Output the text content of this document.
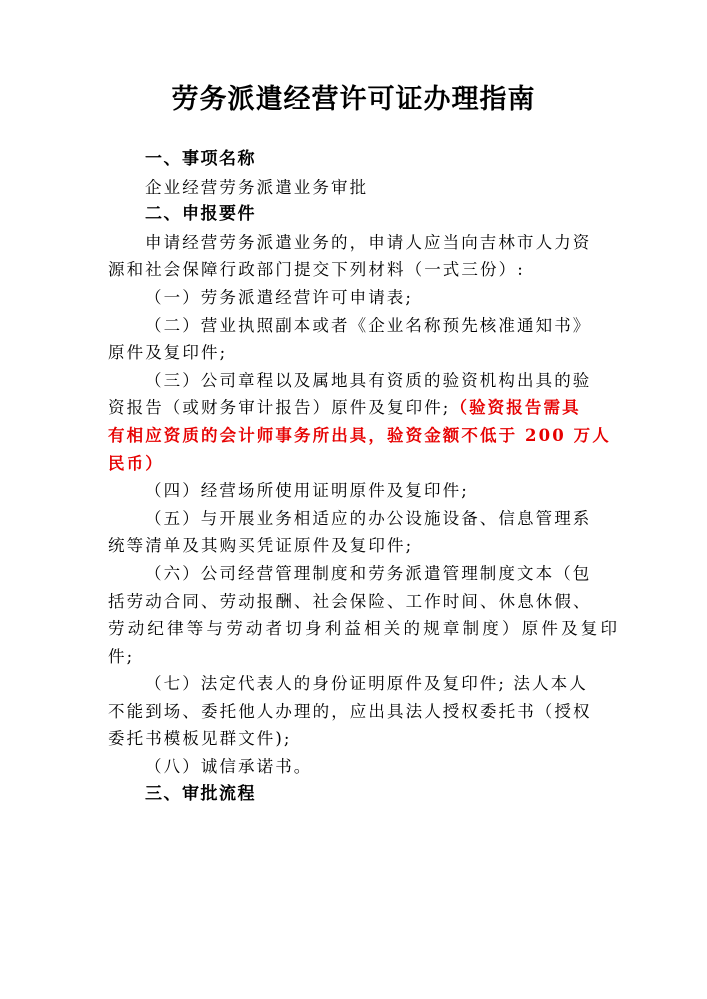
劳务派遣经营许可证办理指南
一、事项名称
企业经营劳务派遣业务审批
二、申报要件
申请经营劳务派遣业务的，申请人应当向吉林市人力资
源和社会保障行政部门提交下列材料（一式三份）:
（一）劳务派遣经营许可申请表;
（二）营业执照副本或者《企业名称预先核准通知书》
原件及复印件;
（三）公司章程以及属地具有资质的验资机构出具的验
资报告（或财务审计报告）原件及复印件;（验资报告需具
有相应资质的会计师事务所出具，验资金额不低于 200 万人
民币）
（四）经营场所使用证明原件及复印件;
（五）与开展业务相适应的办公设施设备、信息管理系
统等清单及其购买凭证原件及复印件;
（六）公司经营管理制度和劳务派遣管理制度文本（包
括劳动合同、劳动报酬、社会保险、工作时间、休息休假、
劳动纪律等与劳动者切身利益相关的规章制度）原件及复印
件;
（七）法定代表人的身份证明原件及复印件; 法人本人
不能到场、委托他人办理的，应出具法人授权委托书（授权
委托书模板见群文件);
（八）诚信承诺书。
三、审批流程
